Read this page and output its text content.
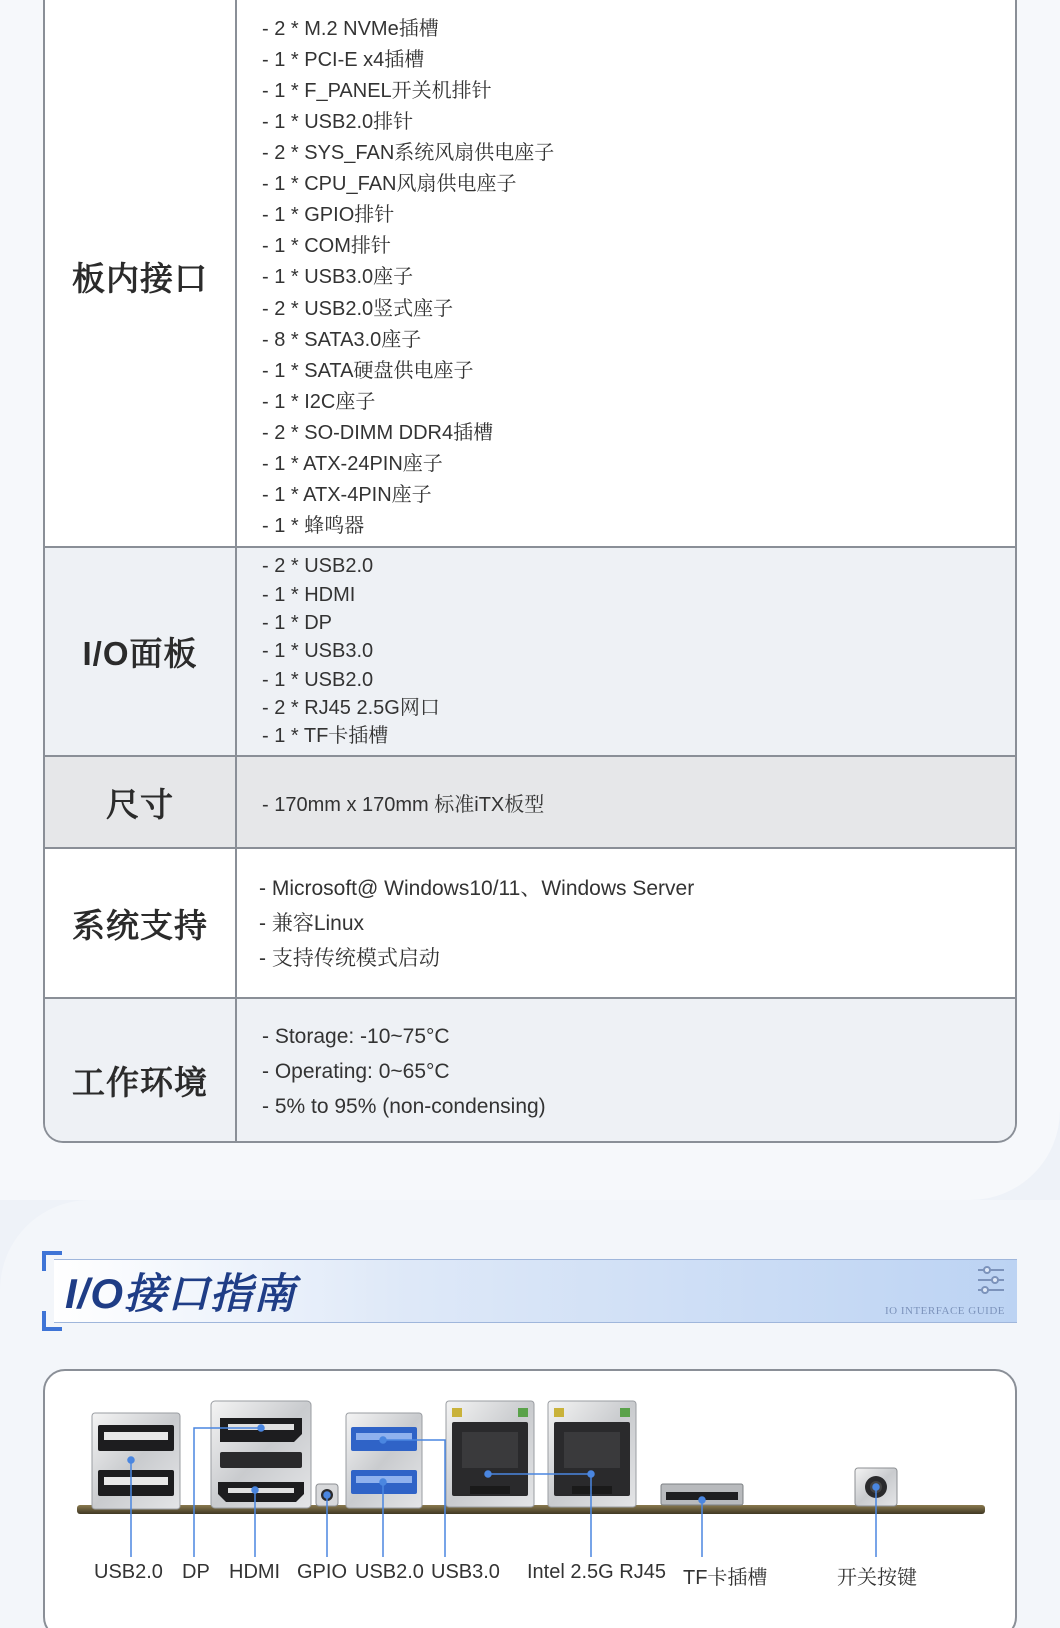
板内接口
- 2 * M.2 NVMe插槽
- 1 * PCI-E x4插槽
- 1 * F_PANEL开关机排针
- 1 * USB2.0排针
- 2 * SYS_FAN系统风扇供电座子
- 1 * CPU_FAN风扇供电座子
- 1 * GPIO排针
- 1 * COM排针
- 1 * USB3.0座子
- 2 * USB2.0竖式座子
- 8 * SATA3.0座子
- 1 * SATA硬盘供电座子
- 1 * I2C座子
- 2 * SO-DIMM DDR4插槽
- 1 * ATX-24PIN座子
- 1 * ATX-4PIN座子
- 1 * 蜂鸣器
I/O面板
- 2 * USB2.0
- 1 * HDMI
- 1 * DP
- 1 * USB3.0
- 1 * USB2.0
- 2 * RJ45 2.5G网口
- 1 * TF卡插槽
尺寸	- 170mm x 170mm 标准iTX板型
系统支持
- Microsoft@ Windows10/11、Windows Server
- 兼容Linux
- 支持传统模式启动
工作环境
- Storage: -10~75°C
- Operating: 0~65°C
- 5% to 95% (non-condensing)
I/O接口指南	IO INTERFACE GUIDE
USB2.0 DP HDMI GPIO USB2.0 USB3.0 Intel 2.5G RJ45 TF卡插槽	开关按键
